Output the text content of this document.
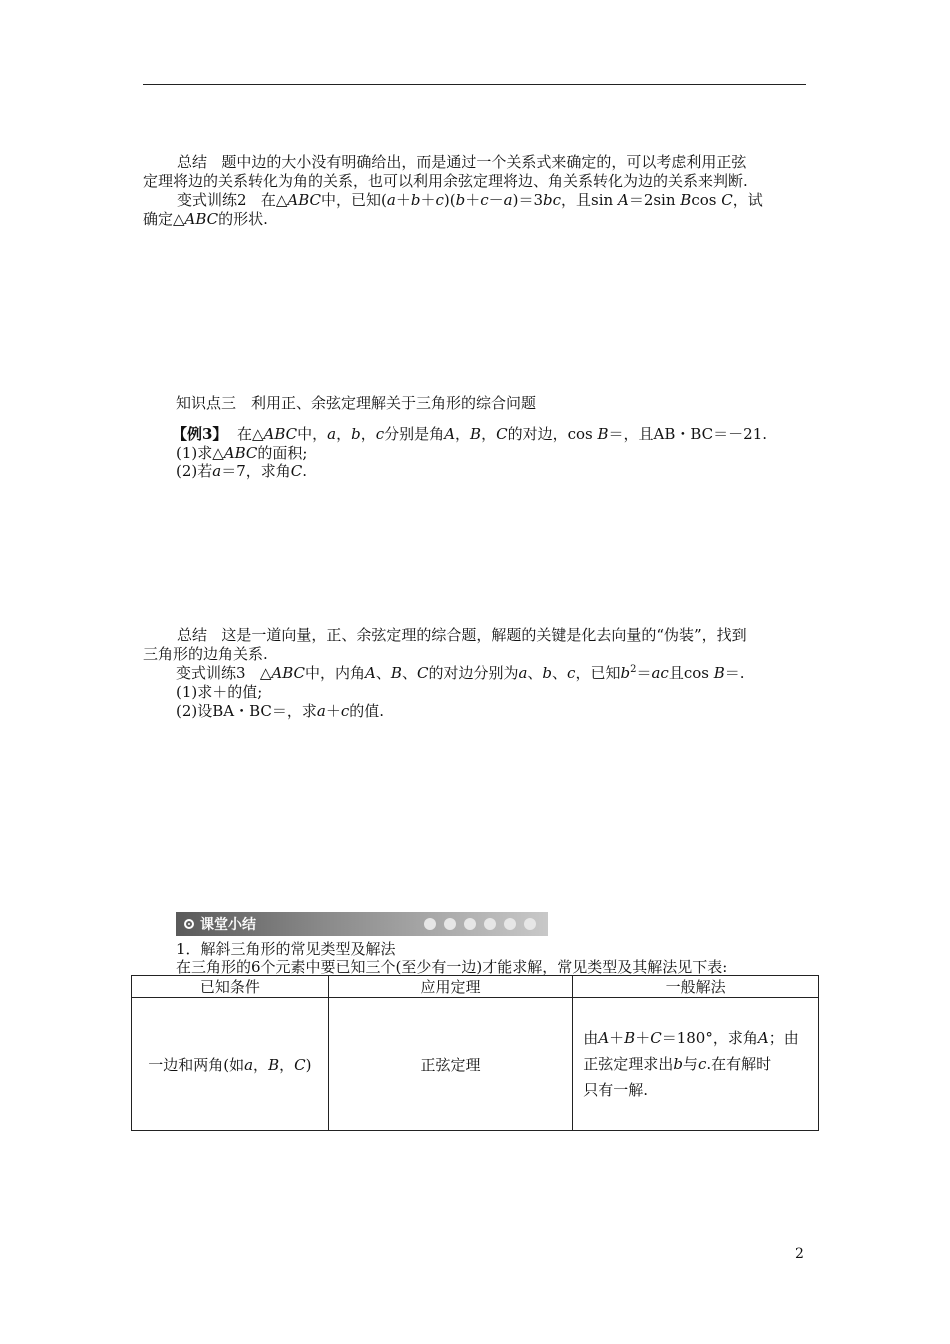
总结 题中边的大小没有明确给出，而是通过一个关系式来确定的，可以考虑利用正弦
定理将边的关系转化为角的关系，也可以利用余弦定理将边、角关系转化为边的关系来判断.

变式训练2 在△ABC中，已知(a＋b＋c)(b＋c－a)＝3bc，且sin A＝2sin Bcos C，试
确定△ABC的形状.

知识点三　利用正、余弦定理解关于三角形的综合问题
【例3】 在△ABC中，a，b，c分别是角A，B，C的对边，cos B＝，且AB・BC＝－21.
(1)求△ABC的面积;
(2)若a＝7，求角C.

总结 这是一道向量，正、余弦定理的综合题，解题的关键是化去向量的“伪装”，找到
三角形的边角关系.

变式训练3 △ABC中，内角A、B、C的对边分别为a、b、c，已知$b^2=ac$且cos B＝.
(1)求＋的值;
(2)设BA・BC＝，求a＋c的值.
课堂小结
1．解斜三角形的常见类型及解法
在三角形的6个元素中要已知三个(至少有一边)才能求解，常见类型及其解法见下表:
已知条件	应用定理	一般解法
一边和两角(如a，B，C)	正弦定理	由A＋B＋C＝180°，求角A；由
正弦定理求出b与c.在有解时
只有一解.
2
